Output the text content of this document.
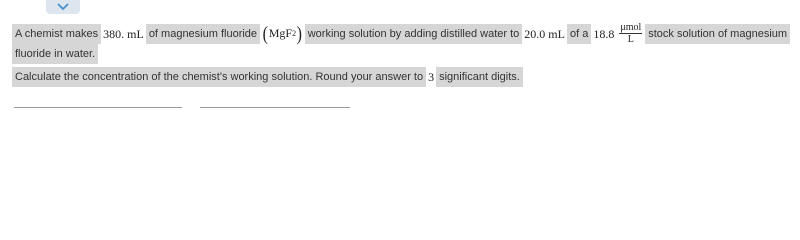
A chemist makes 380. mL of magnesium fluoride ( MgF 2 ) working solution by adding distilled water to 20.0 mL of a $18.8 \frac{\text{μmol}}{L}$ stock solution of magnesium
fluoride in water.
Calculate the concentration of the chemist's working solution. Round your answer to 3 significant digits.
